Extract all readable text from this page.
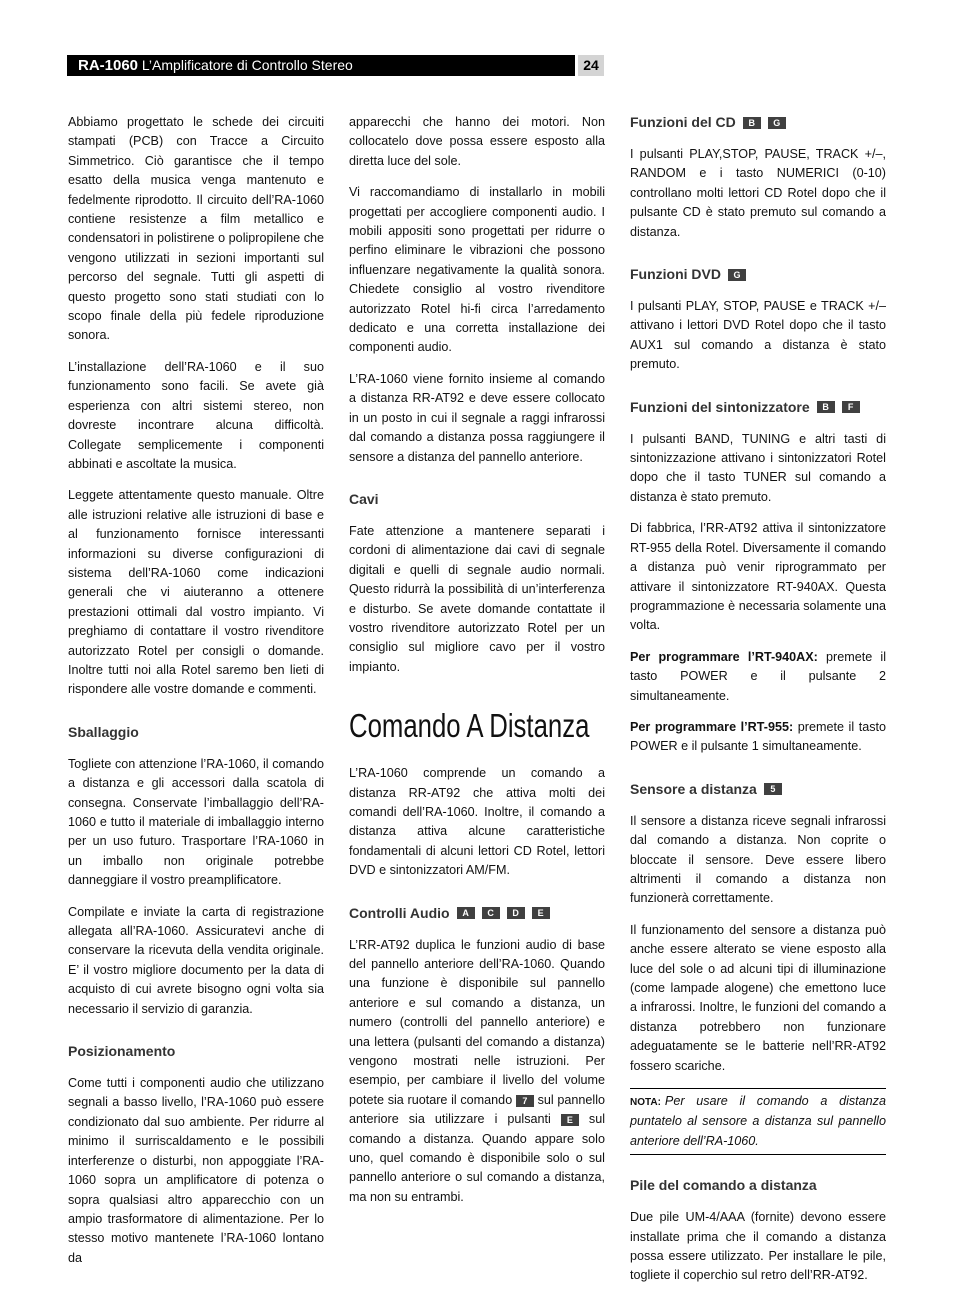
RA-1060 L’Amplificatore di Controllo Stereo	24

Abbiamo progettato le schede dei circuiti stampati (PCB) con Tracce a Circuito Simmetrico. Ciò garantisce che il tempo esatto della musica venga mantenuto e fedelmente riprodotto. Il circuito dell’RA-1060 contiene resistenze a film metallico e condensatori in polistirene o polipropilene che vengono utilizzati in sezioni importanti sul percorso del segnale. Tutti gli aspetti di questo progetto sono stati studiati con lo scopo finale della più fedele riproduzione sonora.

L’installazione dell’RA-1060 e il suo funzionamento sono facili. Se avete già esperienza con altri sistemi stereo, non dovreste incontrare alcuna difficoltà. Collegate semplicemente i componenti abbinati e ascoltate la musica.

Leggete attentamente questo manuale. Oltre alle istruzioni relative alle istruzioni di base e al funzionamento fornisce interessanti informazioni su diverse configurazioni di sistema dell’RA-1060 come indicazioni generali che vi aiuteranno a ottenere prestazioni ottimali dal vostro impianto. Vi preghiamo di contattare il vostro rivenditore autorizzato Rotel per consigli o domande. Inoltre tutti noi alla Rotel saremo ben lieti di rispondere alle vostre domande e commenti.

Sballaggio

Togliete con attenzione l’RA-1060, il comando a distanza e gli accessori dalla scatola di consegna. Conservate l’imballaggio dell’RA-1060 e tutto il materiale di imballaggio interno per un uso futuro. Trasportare l’RA-1060 in un imballo non originale potrebbe danneggiare il vostro preamplificatore.

Compilate e inviate la carta di registrazione allegata all’RA-1060. Assicuratevi anche di conservare la ricevuta della vendita originale. E’ il vostro migliore documento per la data di acquisto di cui avrete bisogno ogni volta sia necessario il servizio di garanzia.

Posizionamento

Come tutti i componenti audio che utilizzano segnali a basso livello, l’RA-1060 può essere condizionato dal suo ambiente. Per ridurre al minimo il surriscaldamento e le possibili interferenze o disturbi, non appoggiate l’RA-1060 sopra un amplificatore di potenza o sopra qualsiasi altro apparecchio con un ampio trasformatore di alimentazione. Per lo stesso motivo mantenete l’RA-1060 lontano da

apparecchi che hanno dei motori. Non collocatelo dove possa essere esposto alla diretta luce del sole.

Vi raccomandiamo di installarlo in mobili progettati per accogliere componenti audio. I mobili appositi sono progettati per ridurre o perfino eliminare le vibrazioni che possono influenzare negativamente la qualità sonora. Chiedete consiglio al vostro rivenditore autorizzato Rotel hi-fi circa l’arredamento dedicato e una corretta installazione dei componenti audio.

L’RA-1060 viene fornito insieme al comando a distanza RR-AT92 e deve essere collocato in un posto in cui il segnale a raggi infrarossi dal comando a distanza possa raggiungere il sensore a distanza del pannello anteriore.

Cavi

Fate attenzione a mantenere separati i cordoni di alimentazione dai cavi di segnale digitali e quelli di segnale audio normali. Questo ridurrà la possibilità di un’interferenza e disturbo. Se avete domande contattate il vostro rivenditore autorizzato Rotel per un consiglio sul migliore cavo per il vostro impianto.

Comando A Distanza

L’RA-1060 comprende un comando a distanza RR-AT92 che attiva molti dei comandi dell’RA-1060. Inoltre, il comando a distanza attiva alcune caratteristiche fondamentali di alcuni lettori CD Rotel, lettori DVD e sintonizzatori AM/FM.

Controlli Audio	A	C	D	E

L’RR-AT92 duplica le funzioni audio di base del pannello anteriore dell’RA-1060. Quando una funzione è disponibile sul pannello anteriore e sul comando a distanza, un numero (controlli del pannello anteriore) e una lettera (pulsanti del comando a distanza) vengono mostrati nelle istruzioni. Per esempio, per cambiare il livello del volume potete sia ruotare il comando 7 sul pannello anteriore sia utilizzare i pulsanti E sul comando a distanza. Quando appare solo uno, quel comando è disponibile solo o sul pannello anteriore o sul comando a distanza, ma non su entrambi.

Funzioni del CD	B	G

I pulsanti PLAY,STOP, PAUSE, TRACK +/–, RANDOM e i tasto NUMERICI (0-10) controllano molti lettori CD Rotel dopo che il pulsante CD è stato premuto sul comando a distanza.

Funzioni DVD	G

I pulsanti PLAY, STOP, PAUSE e TRACK +/– attivano i lettori DVD Rotel dopo che il tasto AUX1 sul comando a distanza è stato premuto.

Funzioni del sintonizzatore	B	F

I pulsanti BAND, TUNING e altri tasti di sintonizzazione attivano i sintonizzatori Rotel dopo che il tasto TUNER sul comando a distanza è stato premuto.

Di fabbrica, l’RR-AT92 attiva il sintonizzatore RT-955 della Rotel. Diversamente il comando a distanza può venir riprogrammato per attivare il sintonizzatore RT-940AX. Questa programmazione è necessaria solamente una volta.

Per programmare l’RT-940AX: premete il tasto POWER e il pulsante 2 simultaneamente.

Per programmare l’RT-955: premete il tasto POWER e il pulsante 1 simultaneamente.

Sensore a distanza	5

Il sensore a distanza riceve segnali infrarossi dal comando a distanza. Non coprite o bloccate il sensore. Deve essere libero altrimenti il comando a distanza non funzionerà correttamente.

Il funzionamento del sensore a distanza può anche essere alterato se viene esposto alla luce del sole o ad alcuni tipi di illuminazione (come lampade alogene) che emettono luce a infrarossi. Inoltre, le funzioni del comando a distanza potrebbero non funzionare adeguatamente se le batterie nell’RR-AT92 fossero scariche.

NOTA: Per usare il comando a distanza puntatelo al sensore a distanza sul pannello anteriore dell’RA-1060.
Pile del comando a distanza

Due pile UM-4/AAA (fornite) devono essere installate prima che il comando a distanza possa essere utilizzato. Per installare le pile, togliete il coperchio sul retro dell’RR-AT92.
